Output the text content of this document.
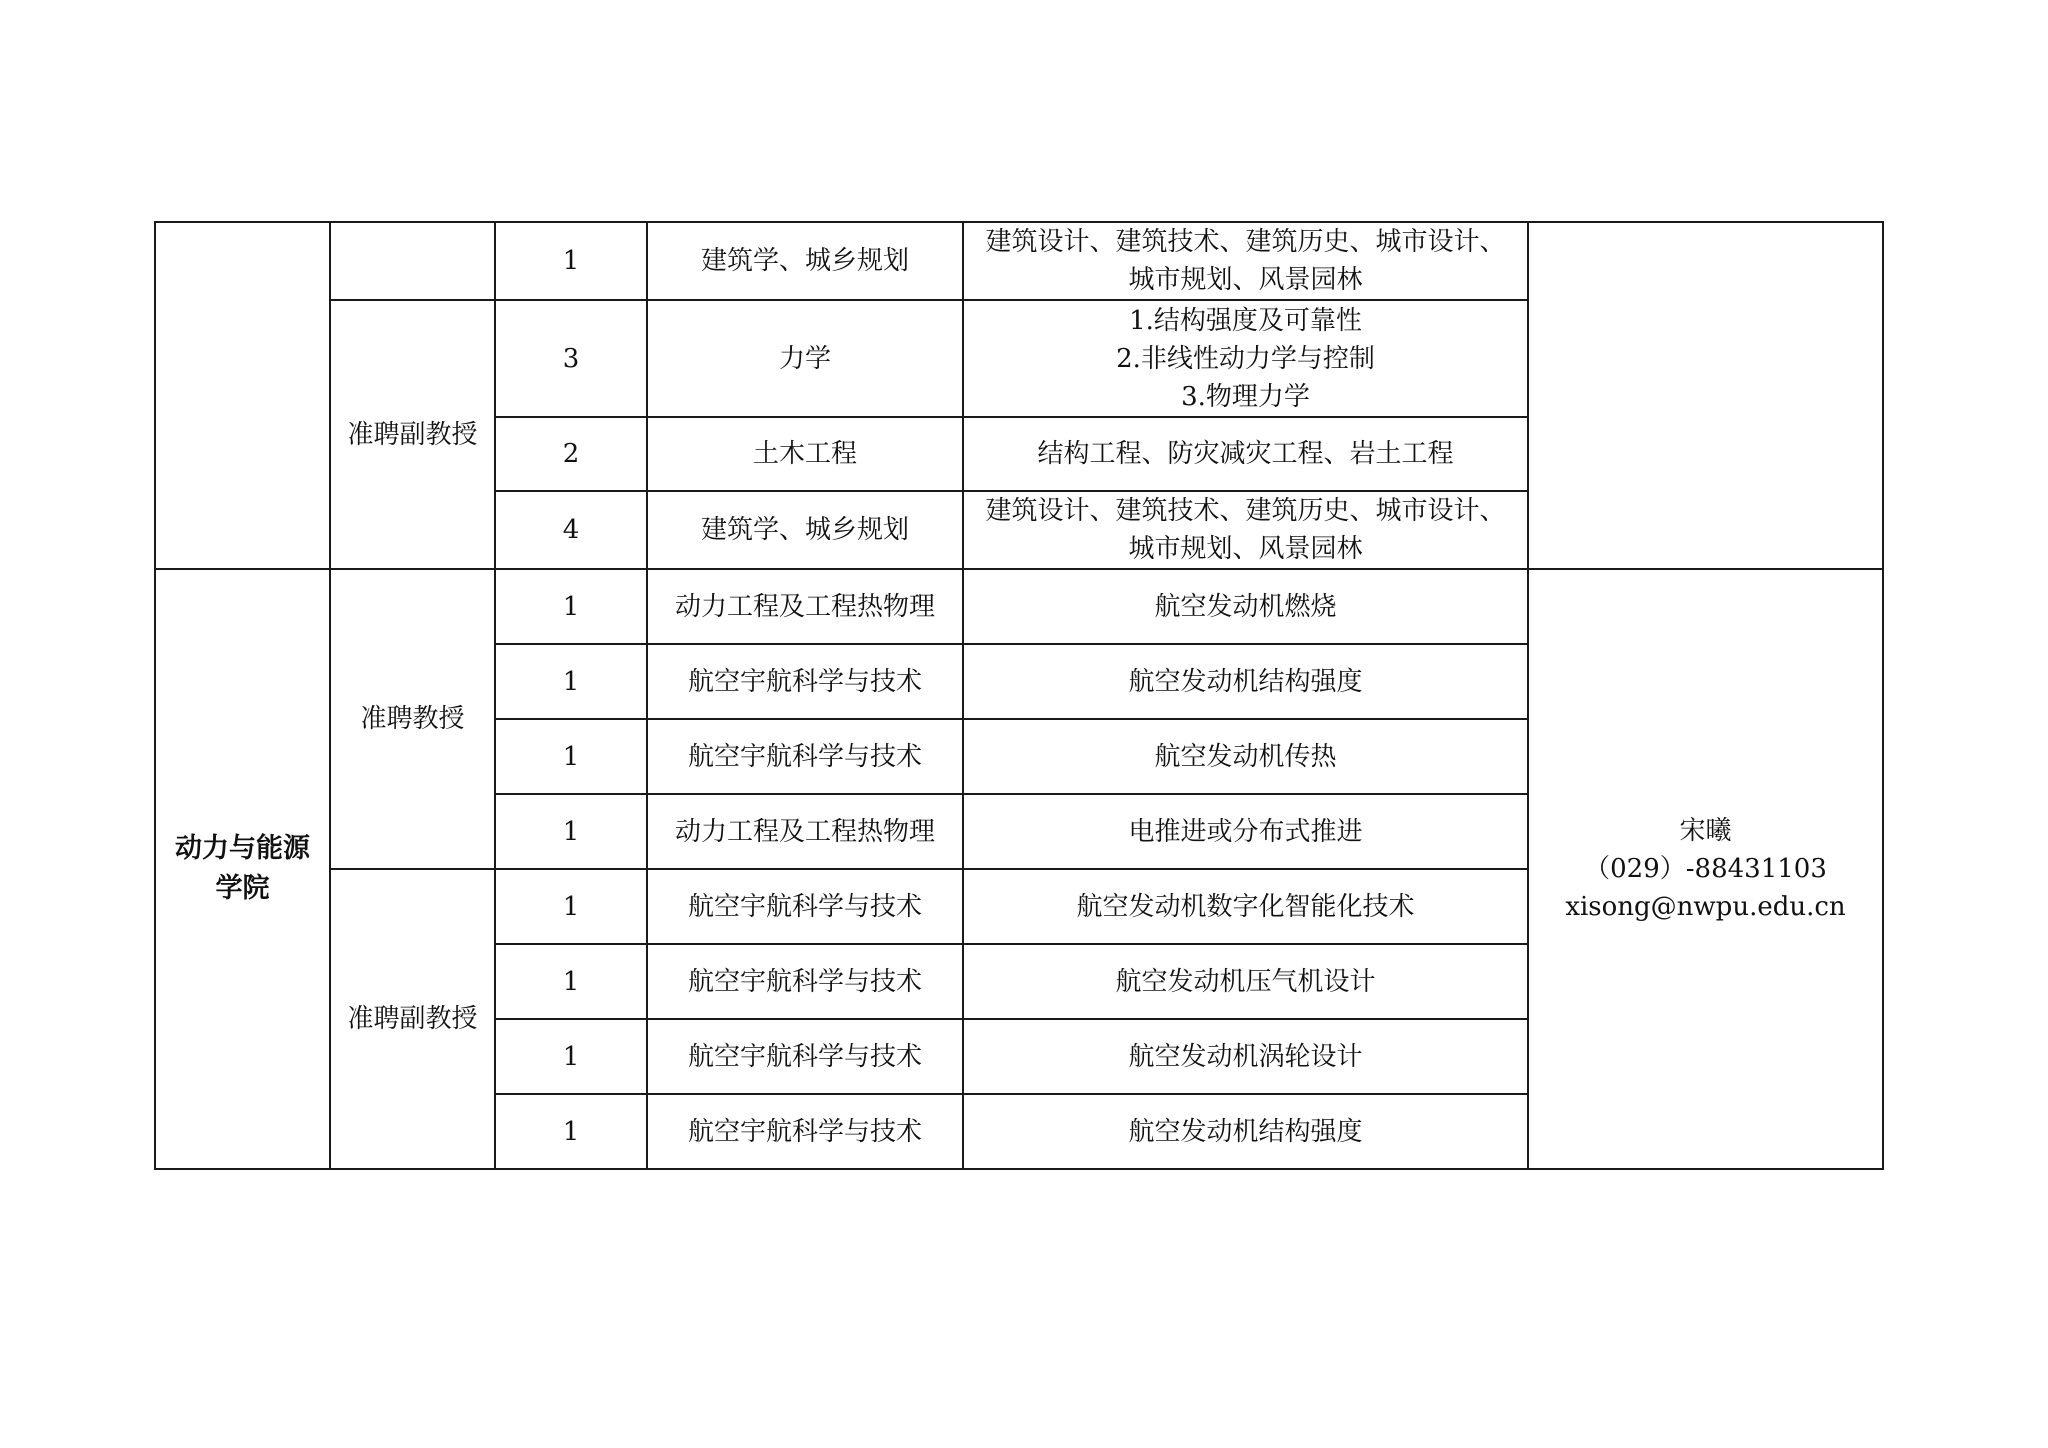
		1	建筑学、城乡规划	建筑设计、建筑技术、建筑历史、城市设计、
城市规划、风景园林	

	准聘副教授	3	力学	1.结构强度及可靠性
2.非线性动力学与控制
3.物理力学	

		2	土木工程	结构工程、防灾减灾工程、岩土工程	

		4	建筑学、城乡规划	建筑设计、建筑技术、建筑历史、城市设计、
城市规划、风景园林	

动力与能源
学院	准聘教授	1	动力工程及工程热物理	航空发动机燃烧	宋曦
（029）-88431103
xisong@nwpu.edu.cn

		1	航空宇航科学与技术	航空发动机结构强度	

		1	航空宇航科学与技术	航空发动机传热	

		1	动力工程及工程热物理	电推进或分布式推进	

	准聘副教授	1	航空宇航科学与技术	航空发动机数字化智能化技术	

		1	航空宇航科学与技术	航空发动机压气机设计	

		1	航空宇航科学与技术	航空发动机涡轮设计	

		1	航空宇航科学与技术	航空发动机结构强度	
